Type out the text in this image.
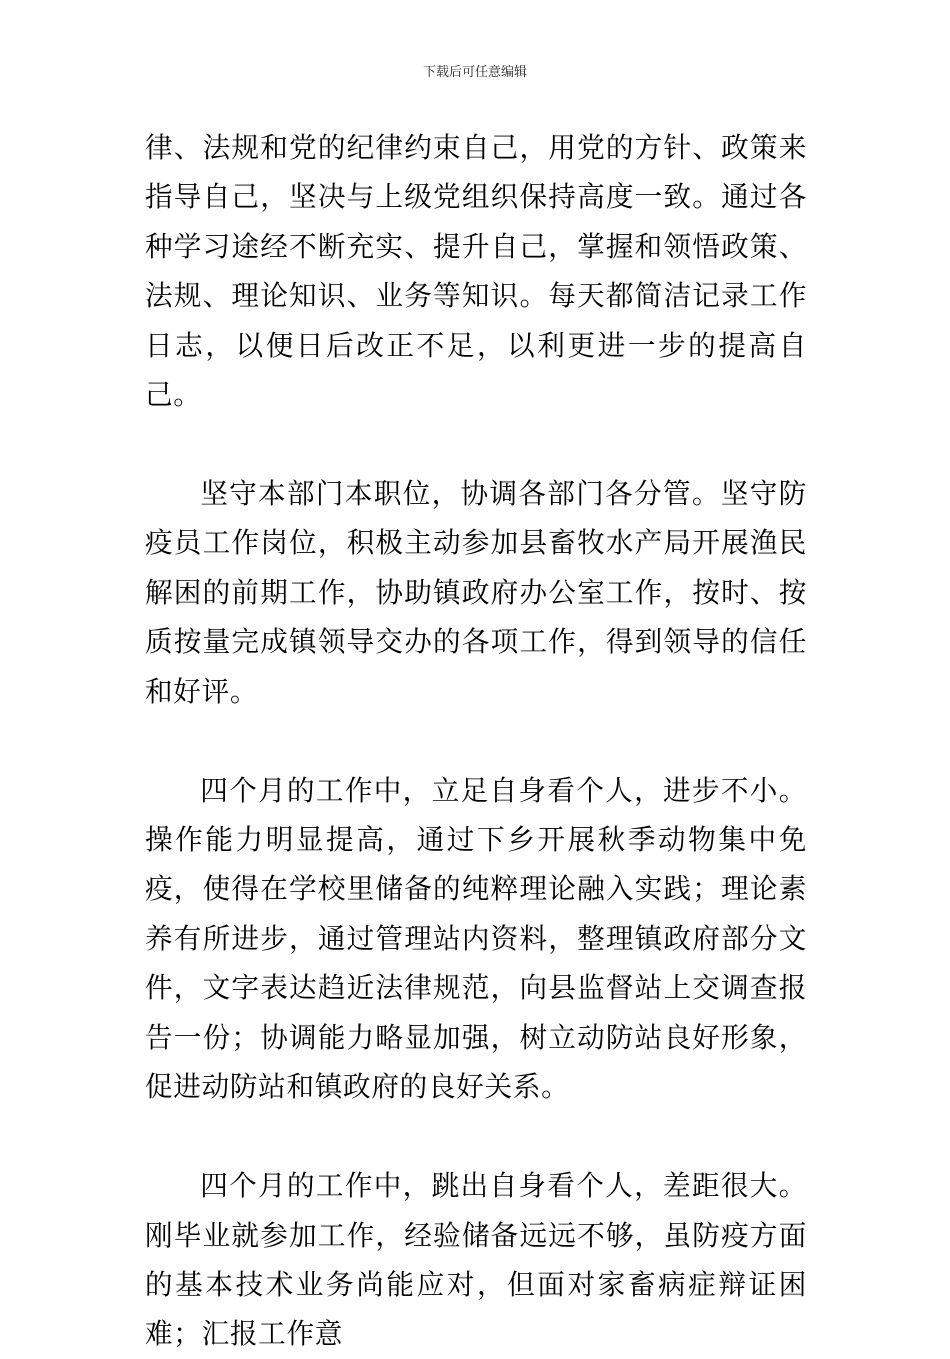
下载后可任意编辑

律、法规和党的纪律约束自己，用党的方针、政策来指导自己，坚决与上级党组织保持高度一致。通过各种学习途经不断充实、提升自己，掌握和领悟政策、法规、理论知识、业务等知识。每天都简洁记录工作日志，以便日后改正不足，以利更进一步的提高自己。

坚守本部门本职位，协调各部门各分管。坚守防疫员工作岗位，积极主动参加县畜牧水产局开展渔民解困的前期工作，协助镇政府办公室工作，按时、按质按量完成镇领导交办的各项工作，得到领导的信任和好评。

四个月的工作中，立足自身看个人，进步不小。操作能力明显提高，通过下乡开展秋季动物集中免疫，使得在学校里储备的纯粹理论融入实践；理论素养有所进步，通过管理站内资料，整理镇政府部分文件，文字表达趋近法律规范，向县监督站上交调查报告一份；协调能力略显加强，树立动防站良好形象，促进动防站和镇政府的良好关系。

四个月的工作中，跳出自身看个人，差距很大。刚毕业就参加工作，经验储备远远不够，虽防疫方面的基本技术业务尚能应对，但面对家畜病症辩证困难；汇报工作意
